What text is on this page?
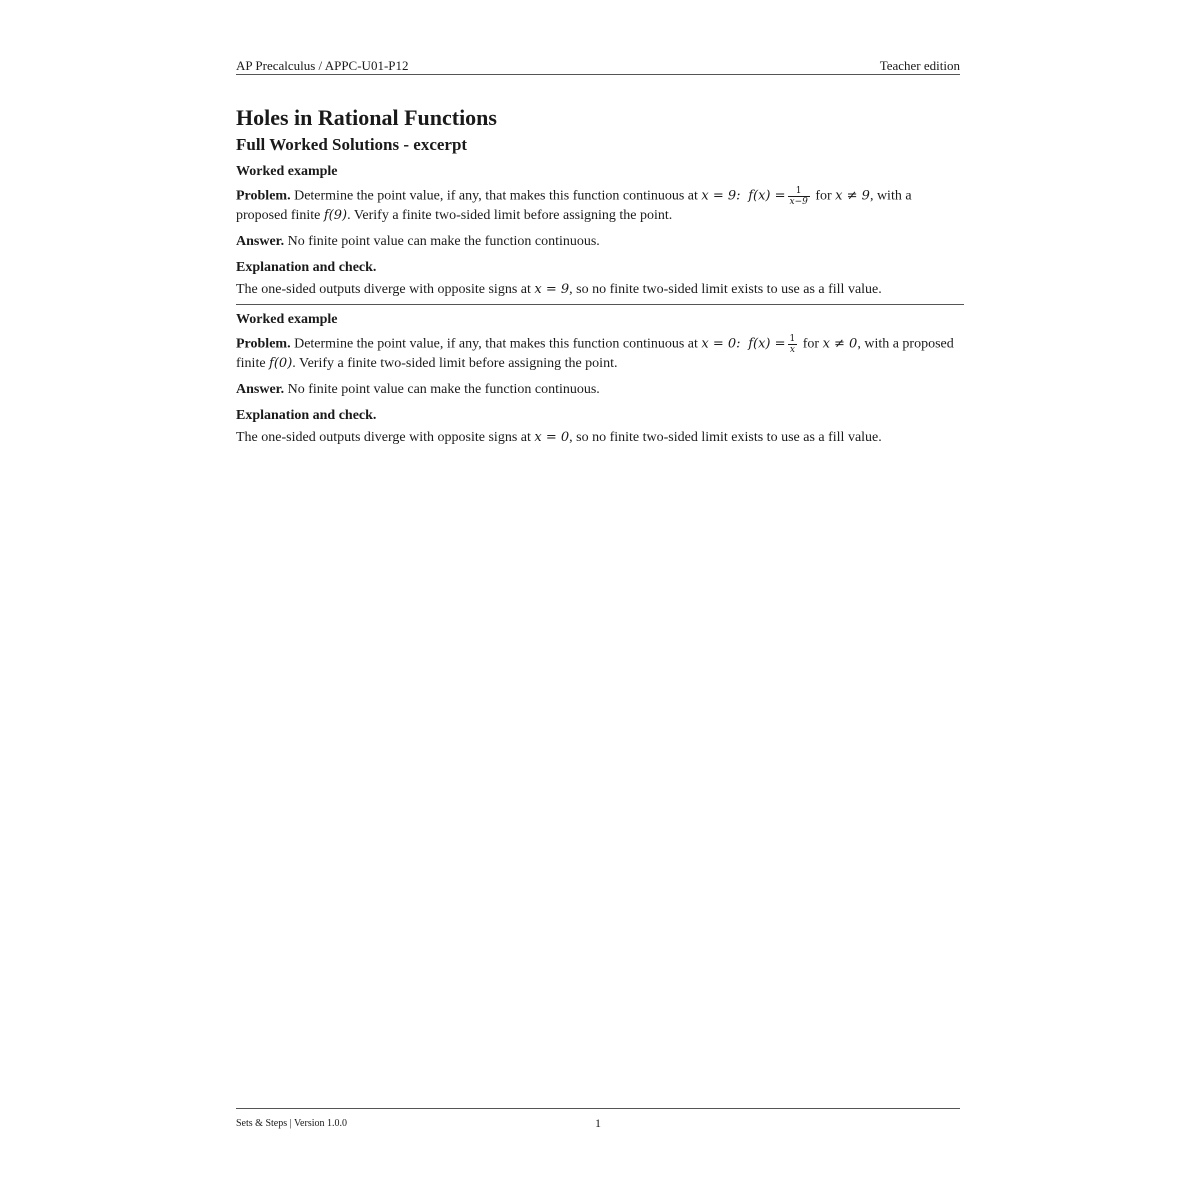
AP Precalculus / APPC-U01-P12	Teacher edition
Holes in Rational Functions
Full Worked Solutions - excerpt

Worked example

Problem. Determine the point value, if any, that makes this function continuous at x = 9:  $f(x) = \frac{1}{x-9}$ for x ≠ 9, with a proposed finite f(9). Verify a finite two-sided limit before assigning the point.

Answer. No finite point value can make the function continuous.

Explanation and check.

The one-sided outputs diverge with opposite signs at x = 9, so no finite two-sided limit exists to use as a fill value.

Worked example

Problem. Determine the point value, if any, that makes this function continuous at x = 0:  $f(x) = \frac{1}{x}$ for x ≠ 0, with a proposed finite f(0). Verify a finite two-sided limit before assigning the point.

Answer. No finite point value can make the function continuous.

Explanation and check.

The one-sided outputs diverge with opposite signs at x = 0, so no finite two-sided limit exists to use as a fill value.

Sets & Steps | Version 1.0.0	1
